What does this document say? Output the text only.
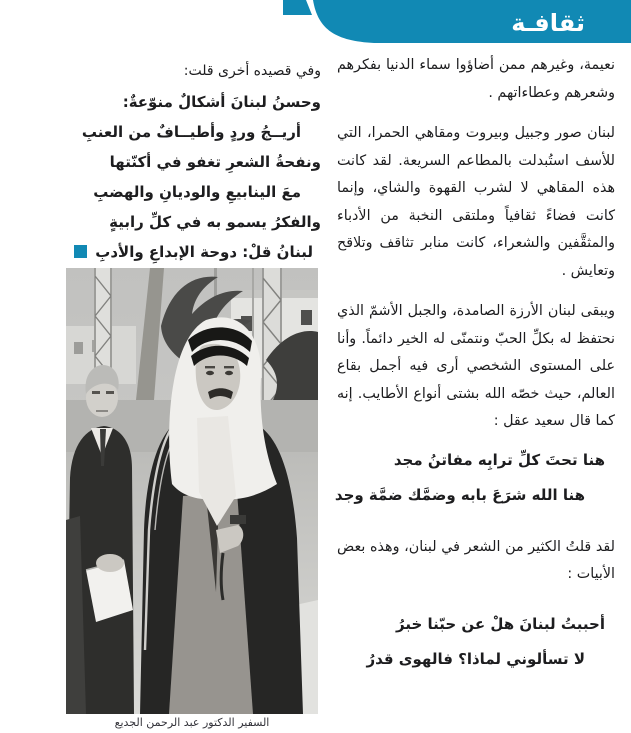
ثقافـة

نعيمة، وغيرهم ممن أضاؤوا سماء الدنيا بفكرهم وشعرهم وعطاءاتهم .

لبنان صور وجبيل وبيروت ومقاهي الحمرا، التي للأسف استُبدلت بالمطاعم السريعة. لقد كانت هذه المقاهي لا لشرب القهوة والشاي، وإنما كانت فضاءً ثقافياً وملتقى النخبة من الأدباء والمثقَّفين والشعراء، كانت منابر تثاقف وتلاقح وتعايش .

ويبقى لبنان الأرزة الصامدة، والجبل الأشمّ الذي نحتفظ له بكلِّ الحبّ ونتمنّى له الخير دائماً. وأنا على المستوى الشخصي أرى فيه أجمل بقاع العالم، حيث خصّه الله بشتى أنواع الأطايب. إنه كما قال سعيد عقل :

هنا تحتَ كلِّ ترابِه مفاتنُ مجد
هنا الله شرَعَ بابه وضمَّك ضمَّة وجد

لقد قلتُ الكثير من الشعر في لبنان، وهذه بعض الأبيات :

أحببتُ لبنانَ هلْ عن حبّنا خبرُ
لا تسألوني لماذا؟ فالهوى قدرُ
وفي قصيده أخرى قلت:
وحسنُ لبنانَ أشكالٌ منوّعةٌ:
أريــجُ وردٍ وأطيــافٌ من العنبِ
ونفحةُ الشعرِ تغفو في أكنّتها
معَ الينابيعِ والوديانِ والهضبِ
والفكرُ يسمو به في كلِّ رابيةٍ
لبنانُ قلْ: دوحة الإبداعِ والأدبِ
السفير الدكتور عبد الرحمن الجديع
